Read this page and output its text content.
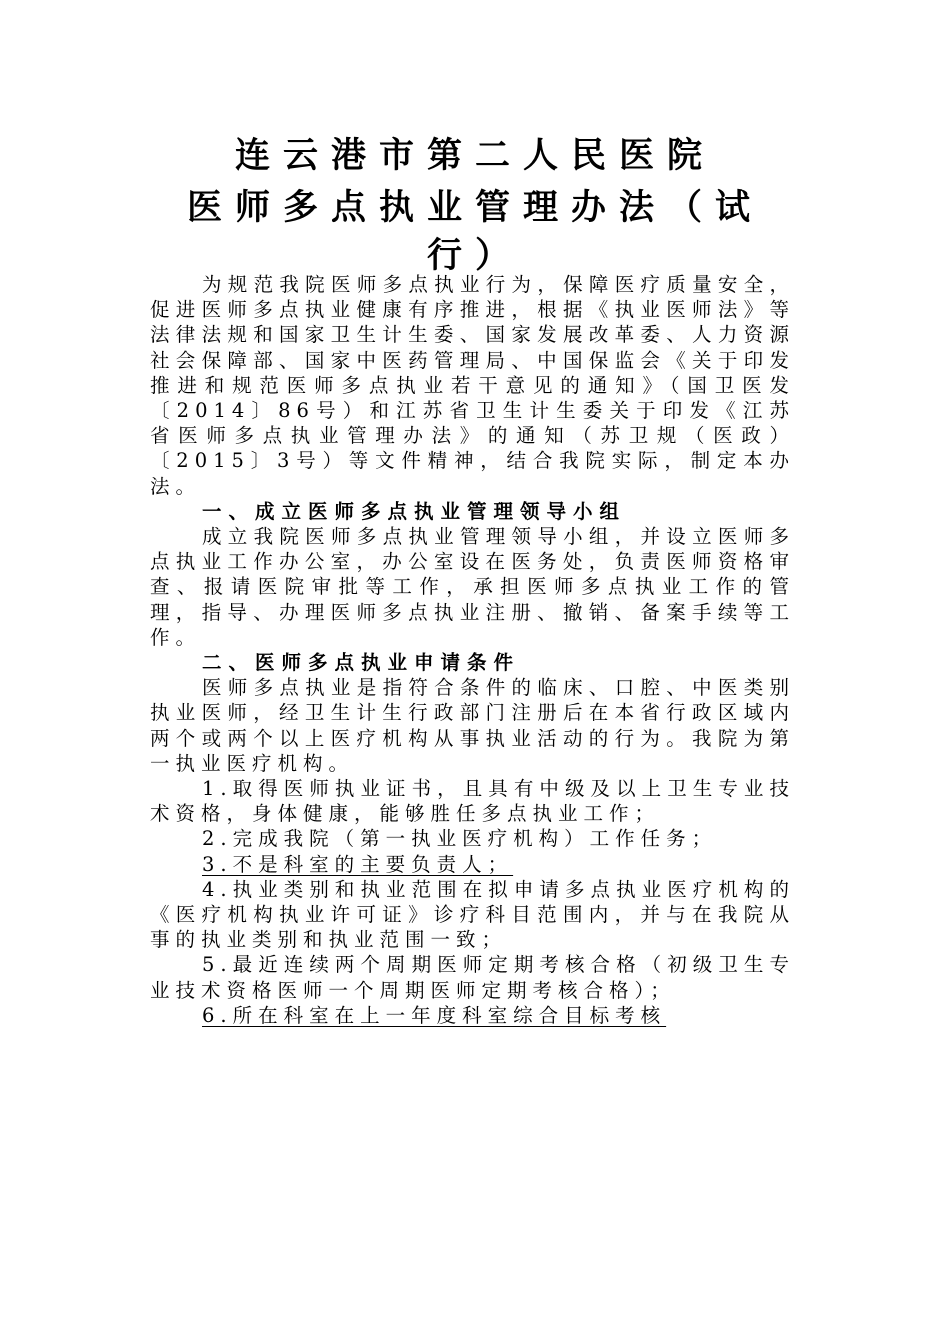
连云港市第二人民医院
医师多点执业管理办法（试
行）

为规范我院医师多点执业行为，保障医疗质量安全，促进医师多点执业健康有序推进，根据《执业医师法》等法律法规和国家卫生计生委、国家发展改革委、人力资源社会保障部、国家中医药管理局、中国保监会《关于印发推进和规范医师多点执业若干意见的通知》（国卫医发〔2014〕86号）和江苏省卫生计生委关于印发《江苏省医师多点执业管理办法》的通知（苏卫规（医政）〔2015〕3号）等文件精神，结合我院实际，制定本办法。

一、成立医师多点执业管理领导小组

成立我院医师多点执业管理领导小组，并设立医师多点执业工作办公室，办公室设在医务处，负责医师资格审查、报请医院审批等工作，承担医师多点执业工作的管理，指导、办理医师多点执业注册、撤销、备案手续等工作。

二、医师多点执业申请条件

医师多点执业是指符合条件的临床、口腔、中医类别执业医师，经卫生计生行政部门注册后在本省行政区域内两个或两个以上医疗机构从事执业活动的行为。我院为第一执业医疗机构。

1.取得医师执业证书，且具有中级及以上卫生专业技术资格，身体健康，能够胜任多点执业工作；

2.完成我院（第一执业医疗机构）工作任务；

3.不是科室的主要负责人；

4.执业类别和执业范围在拟申请多点执业医疗机构的《医疗机构执业许可证》诊疗科目范围内，并与在我院从事的执业类别和执业范围一致；

5.最近连续两个周期医师定期考核合格（初级卫生专业技术资格医师一个周期医师定期考核合格）；

6.所在科室在上一年度科室综合目标考核
